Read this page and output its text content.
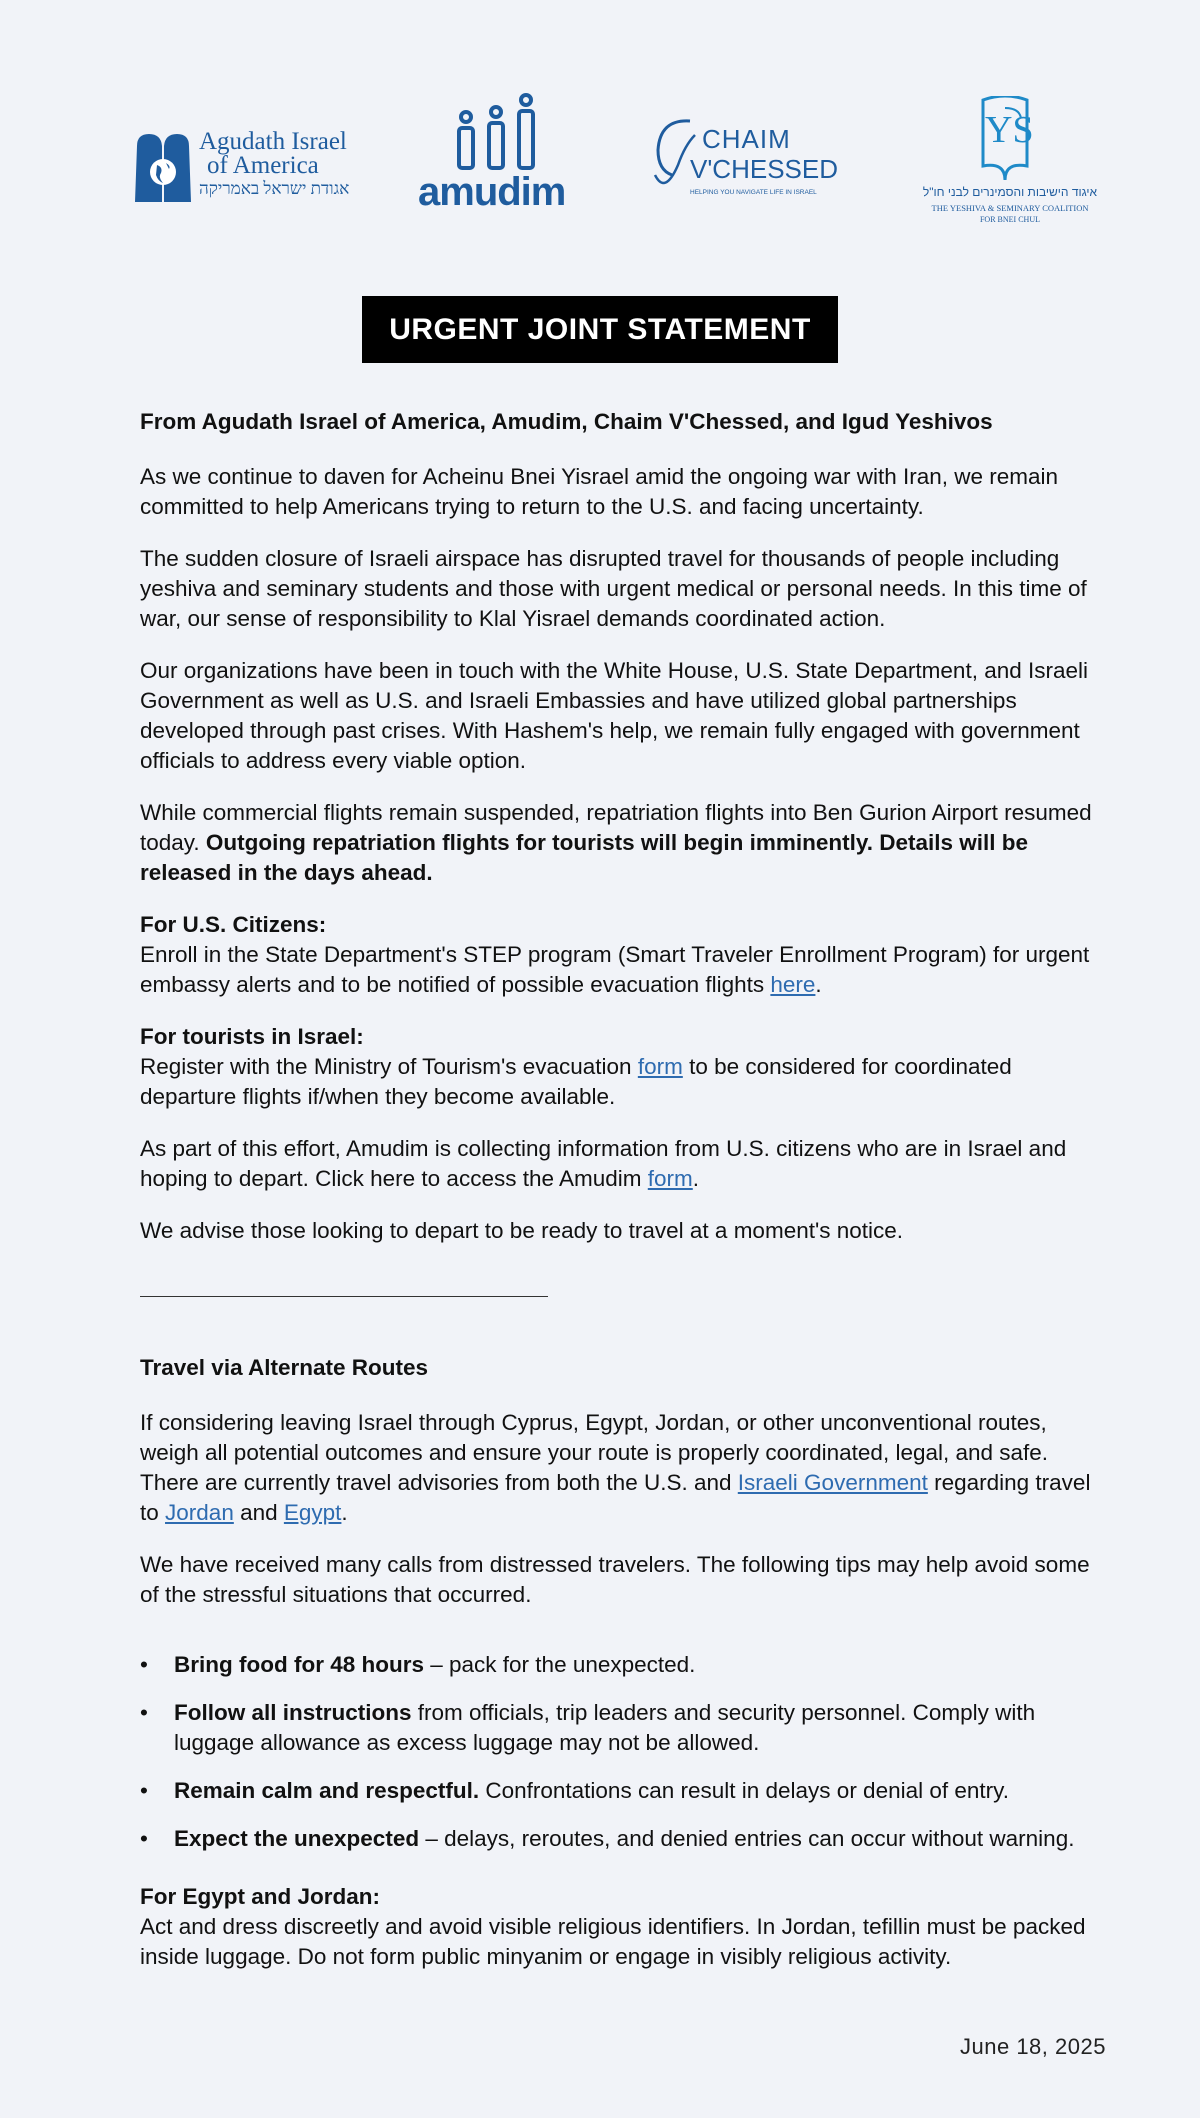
Agudath Israel
of America
אגודת ישראל באמריקה amudim
CHAIM
V'CHESSED
HELPING YOU NAVIGATE LIFE IN ISRAEL
YS
איגוד הישיבות והסמינרים לבני חו"ל
THE YESHIVA & SEMINARY COALITION
FOR BNEI CHUL
URGENT JOINT STATEMENT
From Agudath Israel of America, Amudim, Chaim V'Chessed, and Igud Yeshivos
As we continue to daven for Acheinu Bnei Yisrael amid the ongoing war with Iran, we remain committed to help Americans trying to return to the U.S. and facing uncertainty.
The sudden closure of Israeli airspace has disrupted travel for thousands of people including yeshiva and seminary students and those with urgent medical or personal needs. In this time of war, our sense of responsibility to Klal Yisrael demands coordinated action.
Our organizations have been in touch with the White House, U.S. State Department, and Israeli Government as well as U.S. and Israeli Embassies and have utilized global partnerships developed through past crises. With Hashem's help, we remain fully engaged with government officials to address every viable option.
While commercial flights remain suspended, repatriation flights into Ben Gurion Airport resumed today. Outgoing repatriation flights for tourists will begin imminently. Details will be released in the days ahead.
For U.S. Citizens:
Enroll in the State Department's STEP program (Smart Traveler Enrollment Program) for urgent embassy alerts and to be notified of possible evacuation flights here.
For tourists in Israel:
Register with the Ministry of Tourism's evacuation form to be considered for coordinated departure flights if/when they become available.
As part of this effort, Amudim is collecting information from U.S. citizens who are in Israel and hoping to depart. Click here to access the Amudim form.
We advise those looking to depart to be ready to travel at a moment's notice.
Travel via Alternate Routes
If considering leaving Israel through Cyprus, Egypt, Jordan, or other unconventional routes, weigh all potential outcomes and ensure your route is properly coordinated, legal, and safe. There are currently travel advisories from both the U.S. and Israeli Government regarding travel to Jordan and Egypt.
We have received many calls from distressed travelers. The following tips may help avoid some of the stressful situations that occurred.
• Bring food for 48 hours – pack for the unexpected.
• Follow all instructions from officials, trip leaders and security personnel. Comply with luggage allowance as excess luggage may not be allowed.
• Remain calm and respectful. Confrontations can result in delays or denial of entry.
• Expect the unexpected – delays, reroutes, and denied entries can occur without warning.
For Egypt and Jordan:
Act and dress discreetly and avoid visible religious identifiers. In Jordan, tefillin must be packed inside luggage. Do not form public minyanim or engage in visibly religious activity.
June 18, 2025
